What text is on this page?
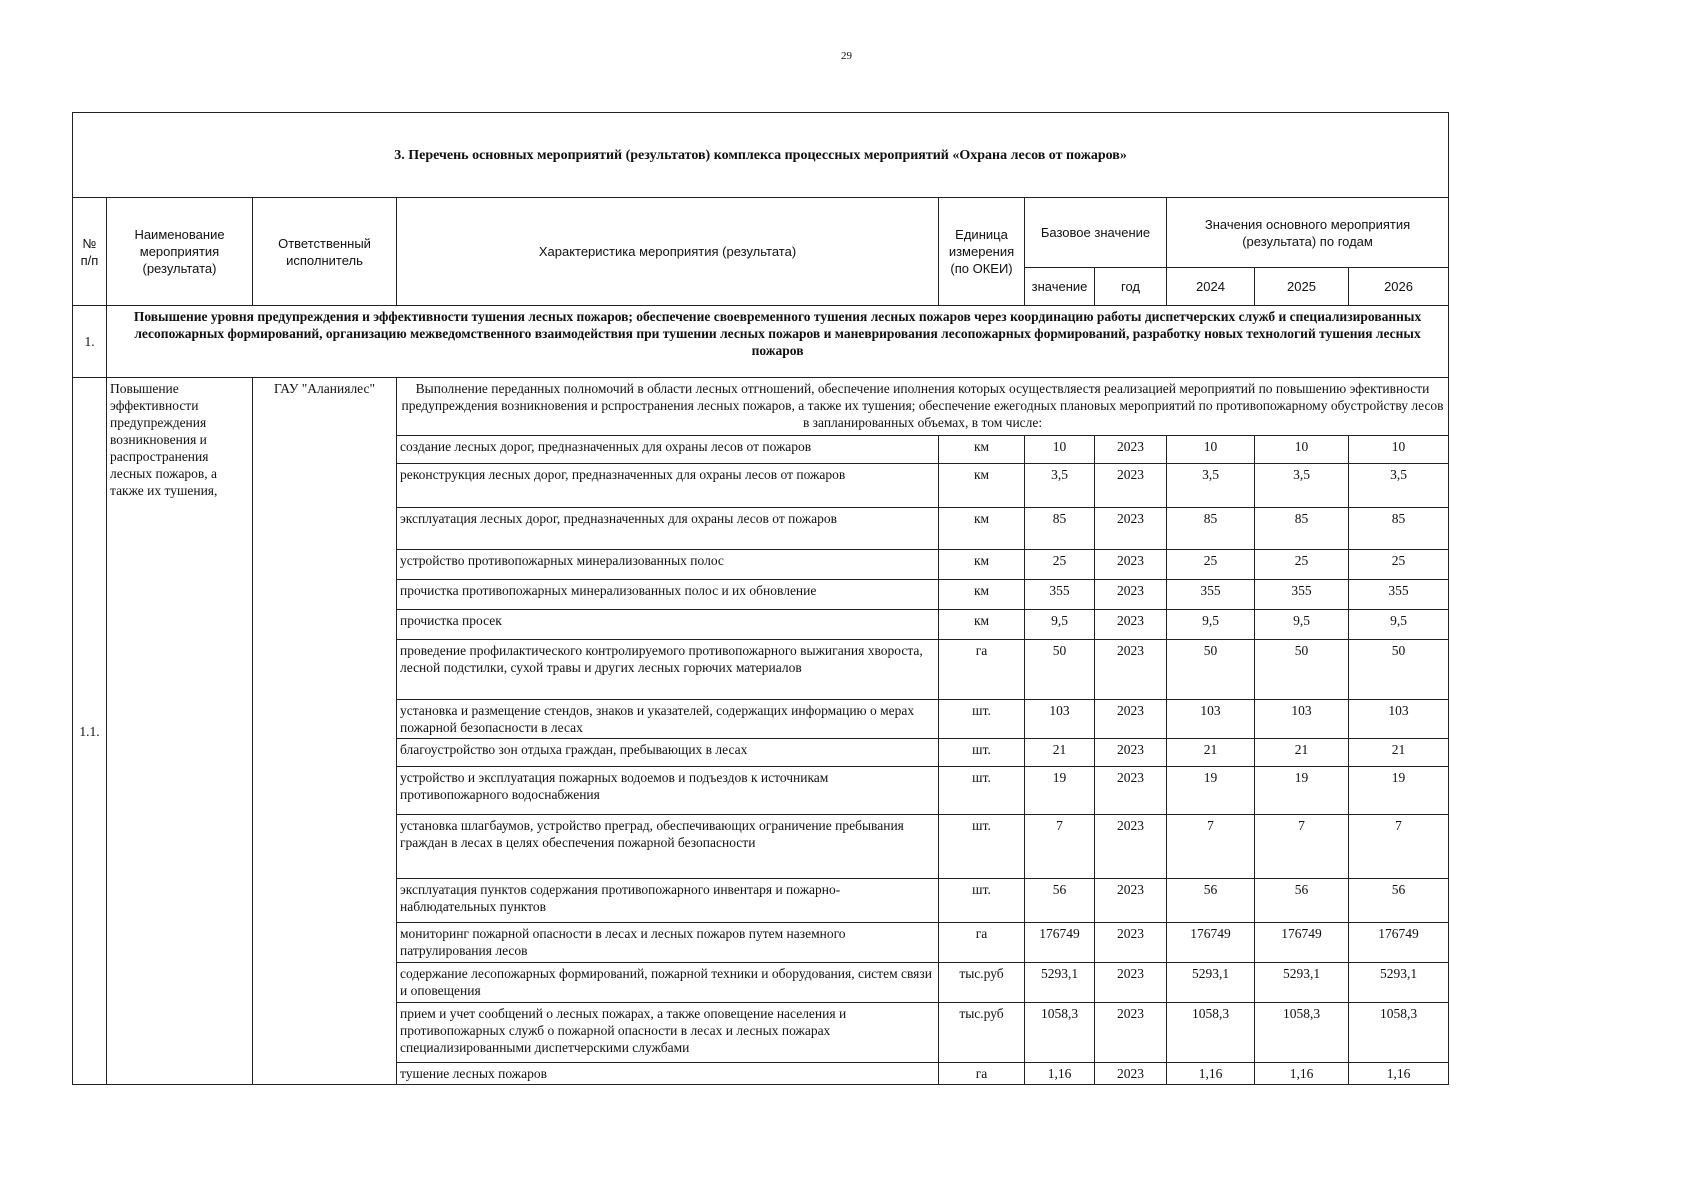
29
3. Перечень основных мероприятий (результатов) комплекса процессных мероприятий «Охрана лесов от пожаров»									
№ п/п	Наименование мероприятия (результата)	Ответственный исполнитель	Характеристика мероприятия (результата)	Единица измерения (по ОКЕИ)	Базовое значение		Значения основного мероприятия (результата) по годам		
					значение	год	2024	2025	2026
1.	Повышение уровня предупреждения и эффективности тушения лесных пожаров; обеспечение своевременного тушения лесных пожаров через координацию работы диспетчерских служб и специализированных лесопожарных формирований, организацию межведомственного взаимодействия при тушении лесных пожаров и маневрирования лесопожарных формирований, разработку новых технологий тушения лесных пожаров								
1.1.	Повышение эффективности предупреждения возникновения и распространения лесных пожаров, а также их тушения,	ГАУ "Аланиялес"	Выполнение переданных полномочий в области лесных отгношений, обеспечение иполнения которых осуществляестя реализацией мероприятий по повышению эфективности предупреждения возникновения и рспространения лесных пожаров, а также их тушения; обеспечение ежегодных плановых мероприятий по противопожарному обустройству лесов в запланированных объемах, в том числе:						
			создание лесных дорог, предназначенных для охраны лесов от пожаров	км	10	2023	10	10	10
			реконструкция лесных дорог, предназначенных для охраны лесов от пожаров	км	3,5	2023	3,5	3,5	3,5
			эксплуатация лесных дорог, предназначенных для охраны лесов от пожаров	км	85	2023	85	85	85
			устройство противопожарных минерализованных полос	км	25	2023	25	25	25
			прочистка противопожарных минерализованных полос и их обновление	км	355	2023	355	355	355
			прочистка просек	км	9,5	2023	9,5	9,5	9,5
			проведение профилактического контролируемого противопожарного выжигания хвороста, лесной подстилки, сухой травы и других лесных горючих материалов	га	50	2023	50	50	50
			установка и размещение стендов, знаков и указателей, содержащих информацию о мерах пожарной безопасности в лесах	шт.	103	2023	103	103	103
			благоустройство зон отдыха граждан, пребывающих в лесах	шт.	21	2023	21	21	21
			устройство и эксплуатация пожарных водоемов и подъездов к источникам противопожарного водоснабжения	шт.	19	2023	19	19	19
			установка шлагбаумов, устройство преград, обеспечивающих ограничение пребывания граждан в лесах в целях обеспечения пожарной безопасности	шт.	7	2023	7	7	7
			эксплуатация пунктов содержания противопожарного инвентаря и пожарно-наблюдательных пунктов	шт.	56	2023	56	56	56
			мониторинг пожарной опасности в лесах и лесных пожаров путем наземного патрулирования лесов	га	176749	2023	176749	176749	176749
			содержание лесопожарных формирований, пожарной техники и оборудования, систем связи и оповещения	тыс.руб	5293,1	2023	5293,1	5293,1	5293,1
			прием и учет сообщений о лесных пожарах, а также оповещение населения и противопожарных служб о пожарной опасности в лесах и лесных пожарах специализированными диспетчерскими службами	тыс.руб	1058,3	2023	1058,3	1058,3	1058,3
			тушение лесных пожаров	га	1,16	2023	1,16	1,16	1,16
